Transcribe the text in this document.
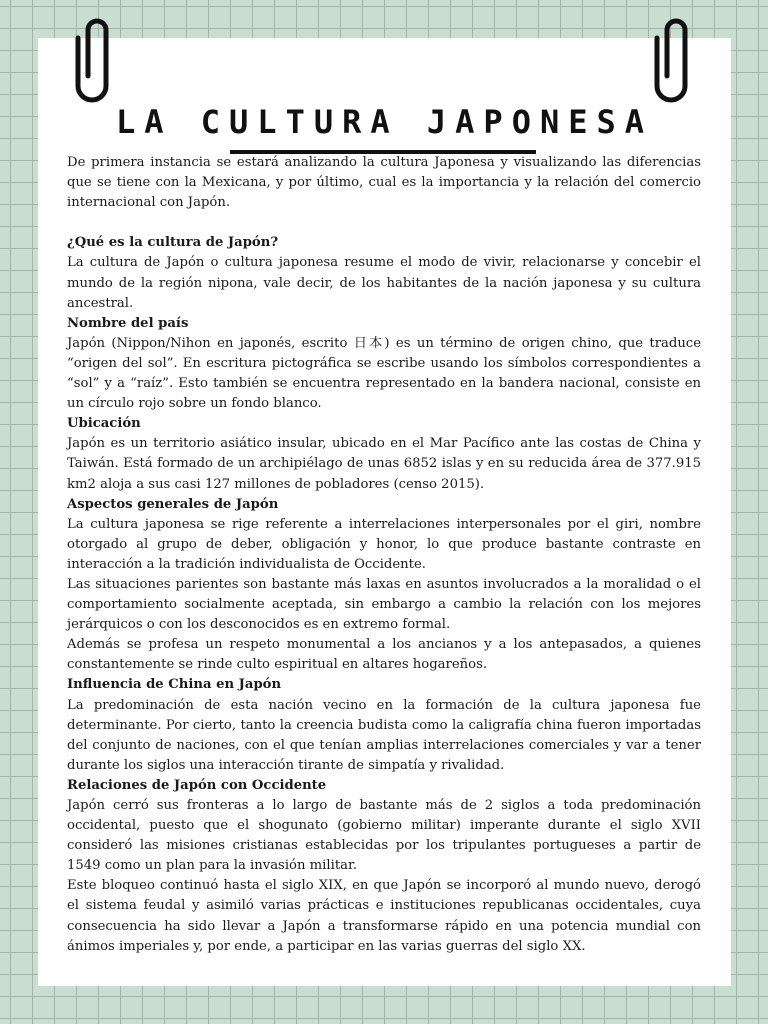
LA CULTURA JAPONESA

De primera instancia se estará analizando la cultura Japonesa y visualizando las diferencias que se tiene con la Mexicana, y por último, cual es la importancia y la relación del comercio internacional con Japón.

¿Qué es la cultura de Japón?

La cultura de Japón o cultura japonesa resume el modo de vivir, relacionarse y concebir el mundo de la región nipona, vale decir, de los habitantes de la nación japonesa y su cultura ancestral.

Nombre del país

Japón (Nippon/Nihon en japonés, escrito 日本) es un término de origen chino, que traduce “origen del sol”. En escritura pictográfica se escribe usando los símbolos correspondientes a “sol” y a “raíz”. Esto también se encuentra representado en la bandera nacional, consiste en un círculo rojo sobre un fondo blanco.

Ubicación

Japón es un territorio asiático insular, ubicado en el Mar Pacífico ante las costas de China y Taiwán. Está formado de un archipiélago de unas 6852 islas y en su reducida área de 377.915 km2 aloja a sus casi 127 millones de pobladores (censo 2015).

Aspectos generales de Japón

La cultura japonesa se rige referente a interrelaciones interpersonales por el giri, nombre otorgado al grupo de deber, obligación y honor, lo que produce bastante contraste en interacción a la tradición individualista de Occidente.

Las situaciones parientes son bastante más laxas en asuntos involucrados a la moralidad o el comportamiento socialmente aceptada, sin embargo a cambio la relación con los mejores jerárquicos o con los desconocidos es en extremo formal.

Además se profesa un respeto monumental a los ancianos y a los antepasados, a quienes constantemente se rinde culto espiritual en altares hogareños.

Influencia de China en Japón

La predominación de esta nación vecino en la formación de la cultura japonesa fue determinante. Por cierto, tanto la creencia budista como la caligrafía china fueron importadas del conjunto de naciones, con el que tenían amplias interrelaciones comerciales y var a tener durante los siglos una interacción tirante de simpatía y rivalidad.

Relaciones de Japón con Occidente

Japón cerró sus fronteras a lo largo de bastante más de 2 siglos a toda predominación occidental, puesto que el shogunato (gobierno militar) imperante durante el siglo XVII consideró las misiones cristianas establecidas por los tripulantes portugueses a partir de 1549 como un plan para la invasión militar.

Este bloqueo continuó hasta el siglo XIX, en que Japón se incorporó al mundo nuevo, derogó el sistema feudal y asimiló varias prácticas e instituciones republicanas occidentales, cuya consecuencia ha sido llevar a Japón a transformarse rápido en una potencia mundial con ánimos imperiales y, por ende, a participar en las varias guerras del siglo XX.
